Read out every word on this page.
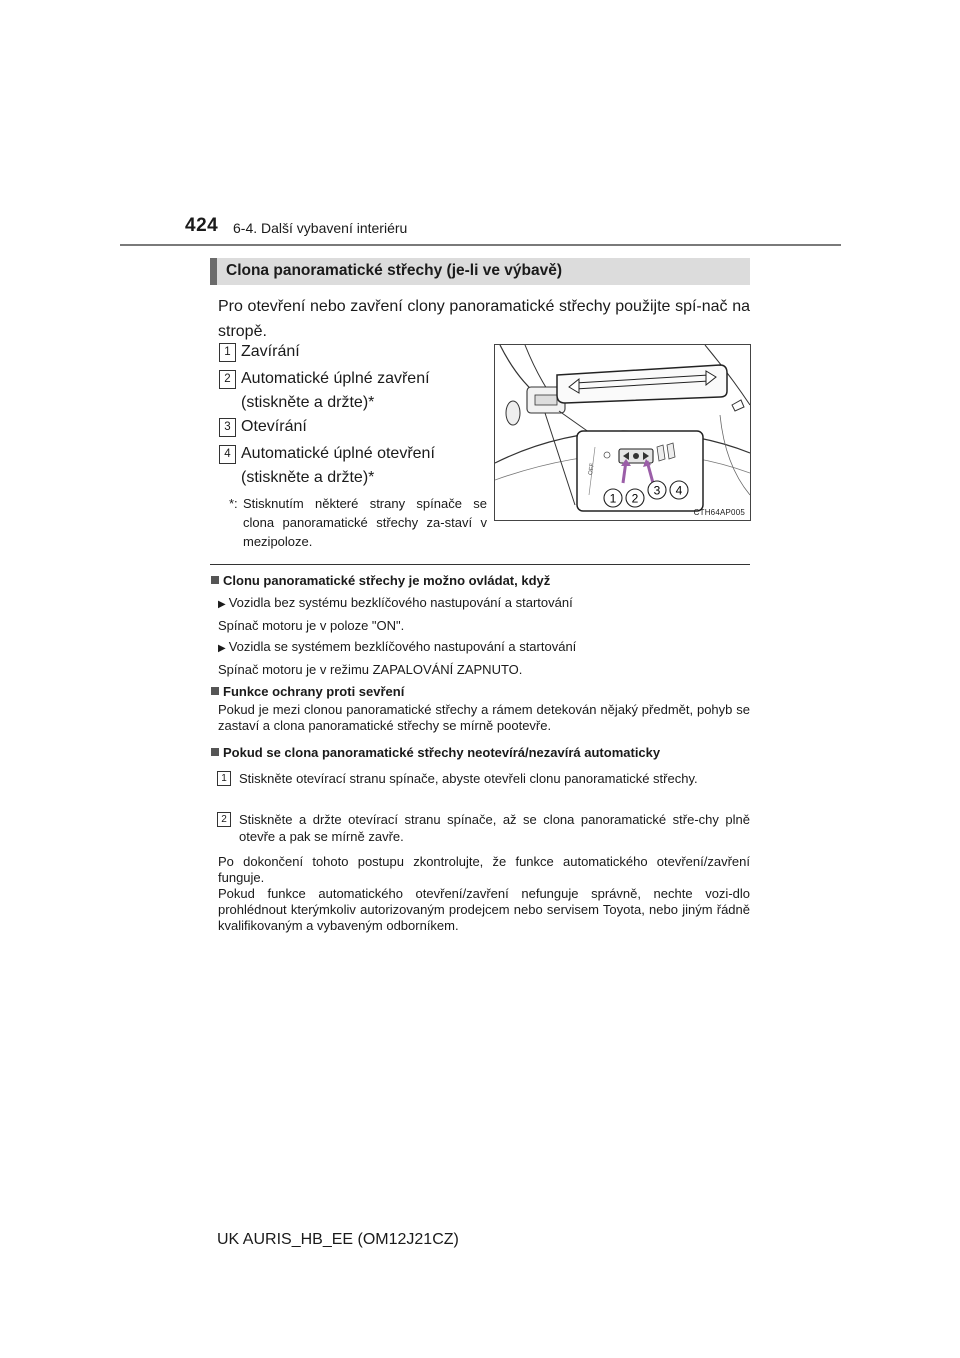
424 6-4. Další vybavení interiéru
Clona panoramatické střechy (je-li ve výbavě)
Pro otevření nebo zavření clony panoramatické střechy použijte spí-nač na stropě.
1 Zavírání
2 Automatické úplné zavření (stiskněte a držte)*
3 Otevírání
4 Automatické úplné otevření (stiskněte a držte)*
*: Stisknutím některé strany spínače se clona panoramatické střechy za-staví v mezipoloze.
OFF
1 2
3 4
CTH64AP005
Clonu panoramatické střechy je možno ovládat, když
▶ Vozidla bez systému bezklíčového nastupování a startování
Spínač motoru je v poloze "ON".
▶ Vozidla se systémem bezklíčového nastupování a startování
Spínač motoru je v režimu ZAPALOVÁNÍ ZAPNUTO.
Funkce ochrany proti sevření
Pokud je mezi clonou panoramatické střechy a rámem detekován nějaký předmět, pohyb se zastaví a clona panoramatické střechy se mírně pootevře.
Pokud se clona panoramatické střechy neotevírá/nezavírá automaticky
1 Stiskněte otevírací stranu spínače, abyste otevřeli clonu panoramatické střechy.
2 Stiskněte a držte otevírací stranu spínače, až se clona panoramatické stře-chy plně otevře a pak se mírně zavře.
Po dokončení tohoto postupu zkontrolujte, že funkce automatického otevření/zavření funguje.
Pokud funkce automatického otevření/zavření nefunguje správně, nechte vozi-dlo prohlédnout kterýmkoliv autorizovaným prodejcem nebo servisem Toyota, nebo jiným řádně kvalifikovaným a vybaveným odborníkem.
UK AURIS_HB_EE (OM12J21CZ)
